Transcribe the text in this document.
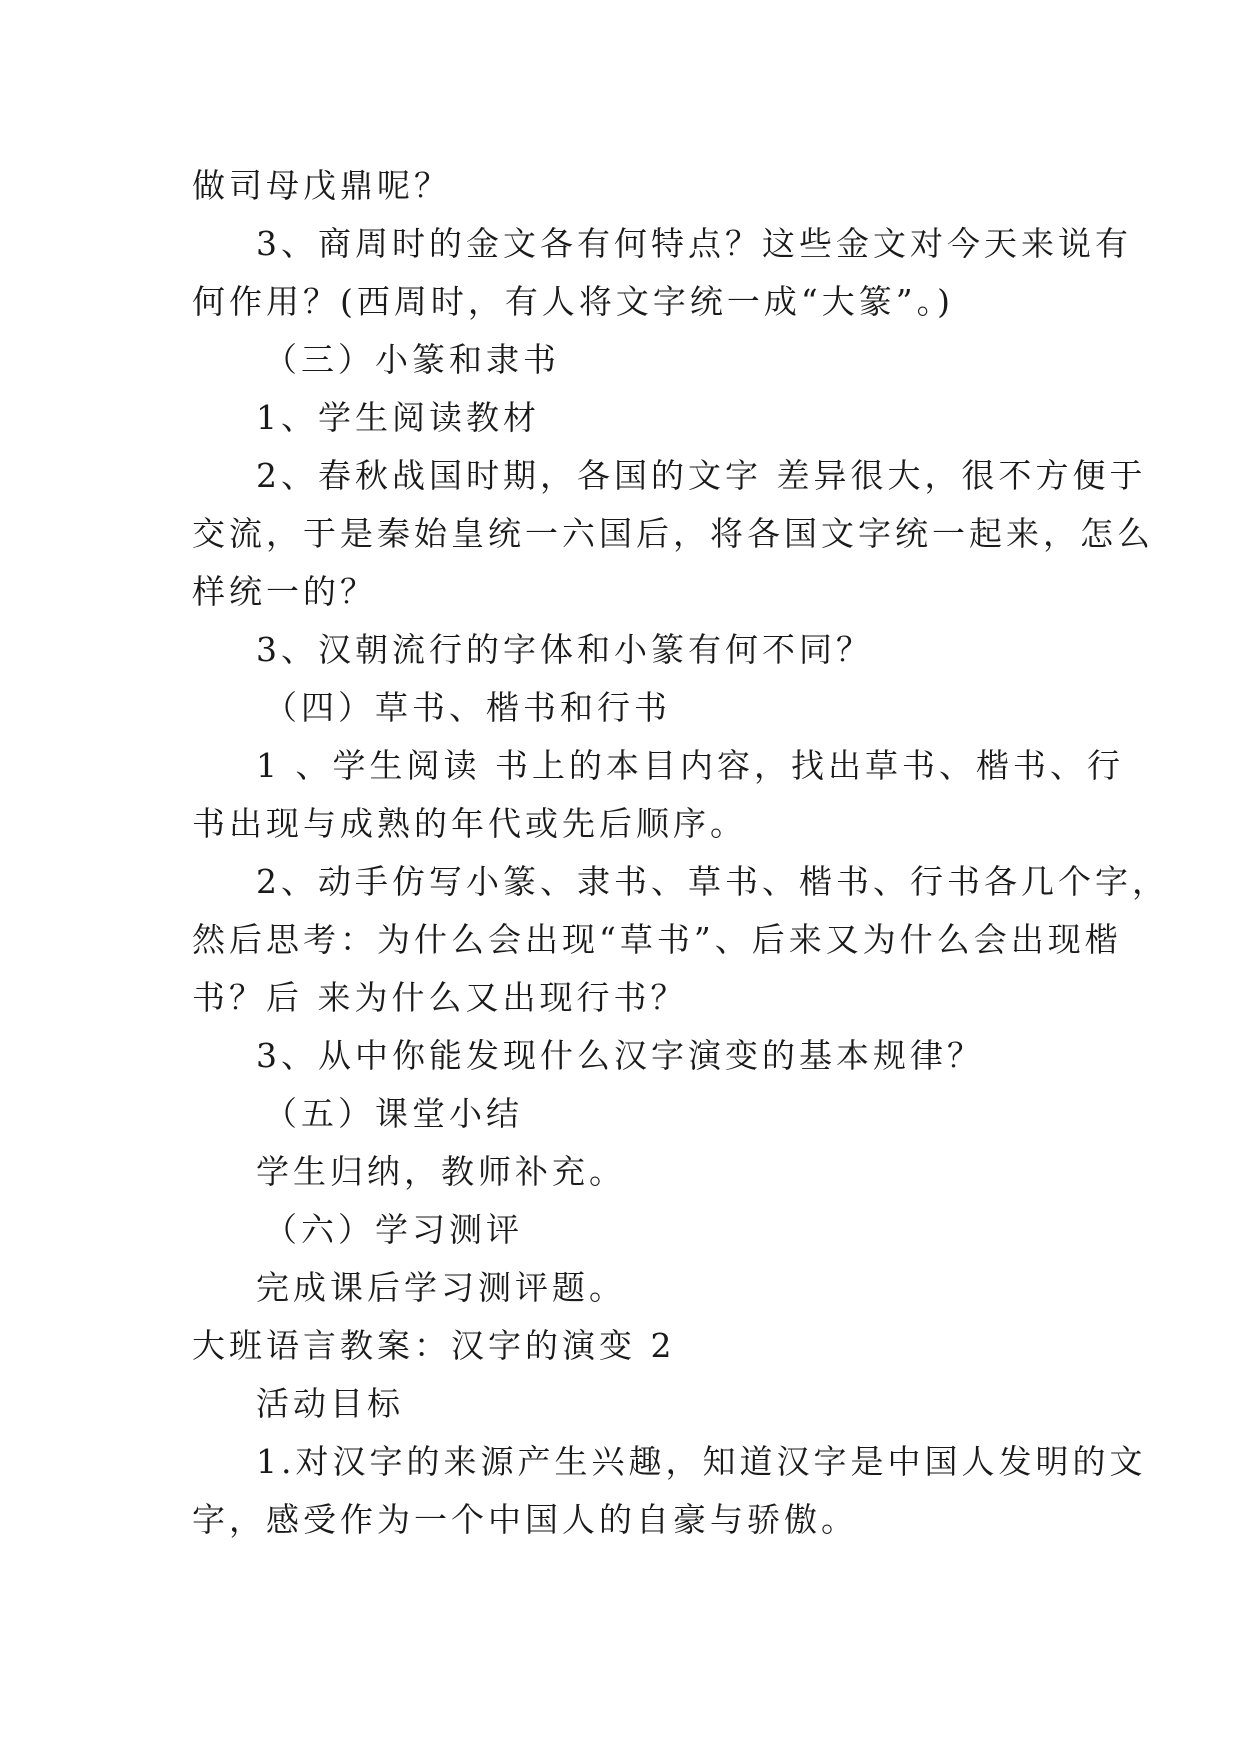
做司母戊鼎呢？
3、商周时的金文各有何特点？这些金文对今天来说有
何作用？(西周时，有人将文字统一成“大篆”。)
（三）小篆和隶书
1、学生阅读教材
2、春秋战国时期，各国的文字 差异很大，很不方便于
交流，于是秦始皇统一六国后，将各国文字统一起来，怎么
样统一的？
3、汉朝流行的字体和小篆有何不同？
（四）草书、楷书和行书
1 、学生阅读 书上的本目内容，找出草书、楷书、行
书出现与成熟的年代或先后顺序。
2、动手仿写小篆、隶书、草书、楷书、行书各几个字，
然后思考：为什么会出现“草书”、后来又为什么会出现楷
书？后 来为什么又出现行书？
3、从中你能发现什么汉字演变的基本规律？
（五）课堂小结
学生归纳，教师补充。
（六）学习测评
完成课后学习测评题。
大班语言教案：汉字的演变 2
活动目标
1.对汉字的来源产生兴趣，知道汉字是中国人发明的文
字，感受作为一个中国人的自豪与骄傲。
